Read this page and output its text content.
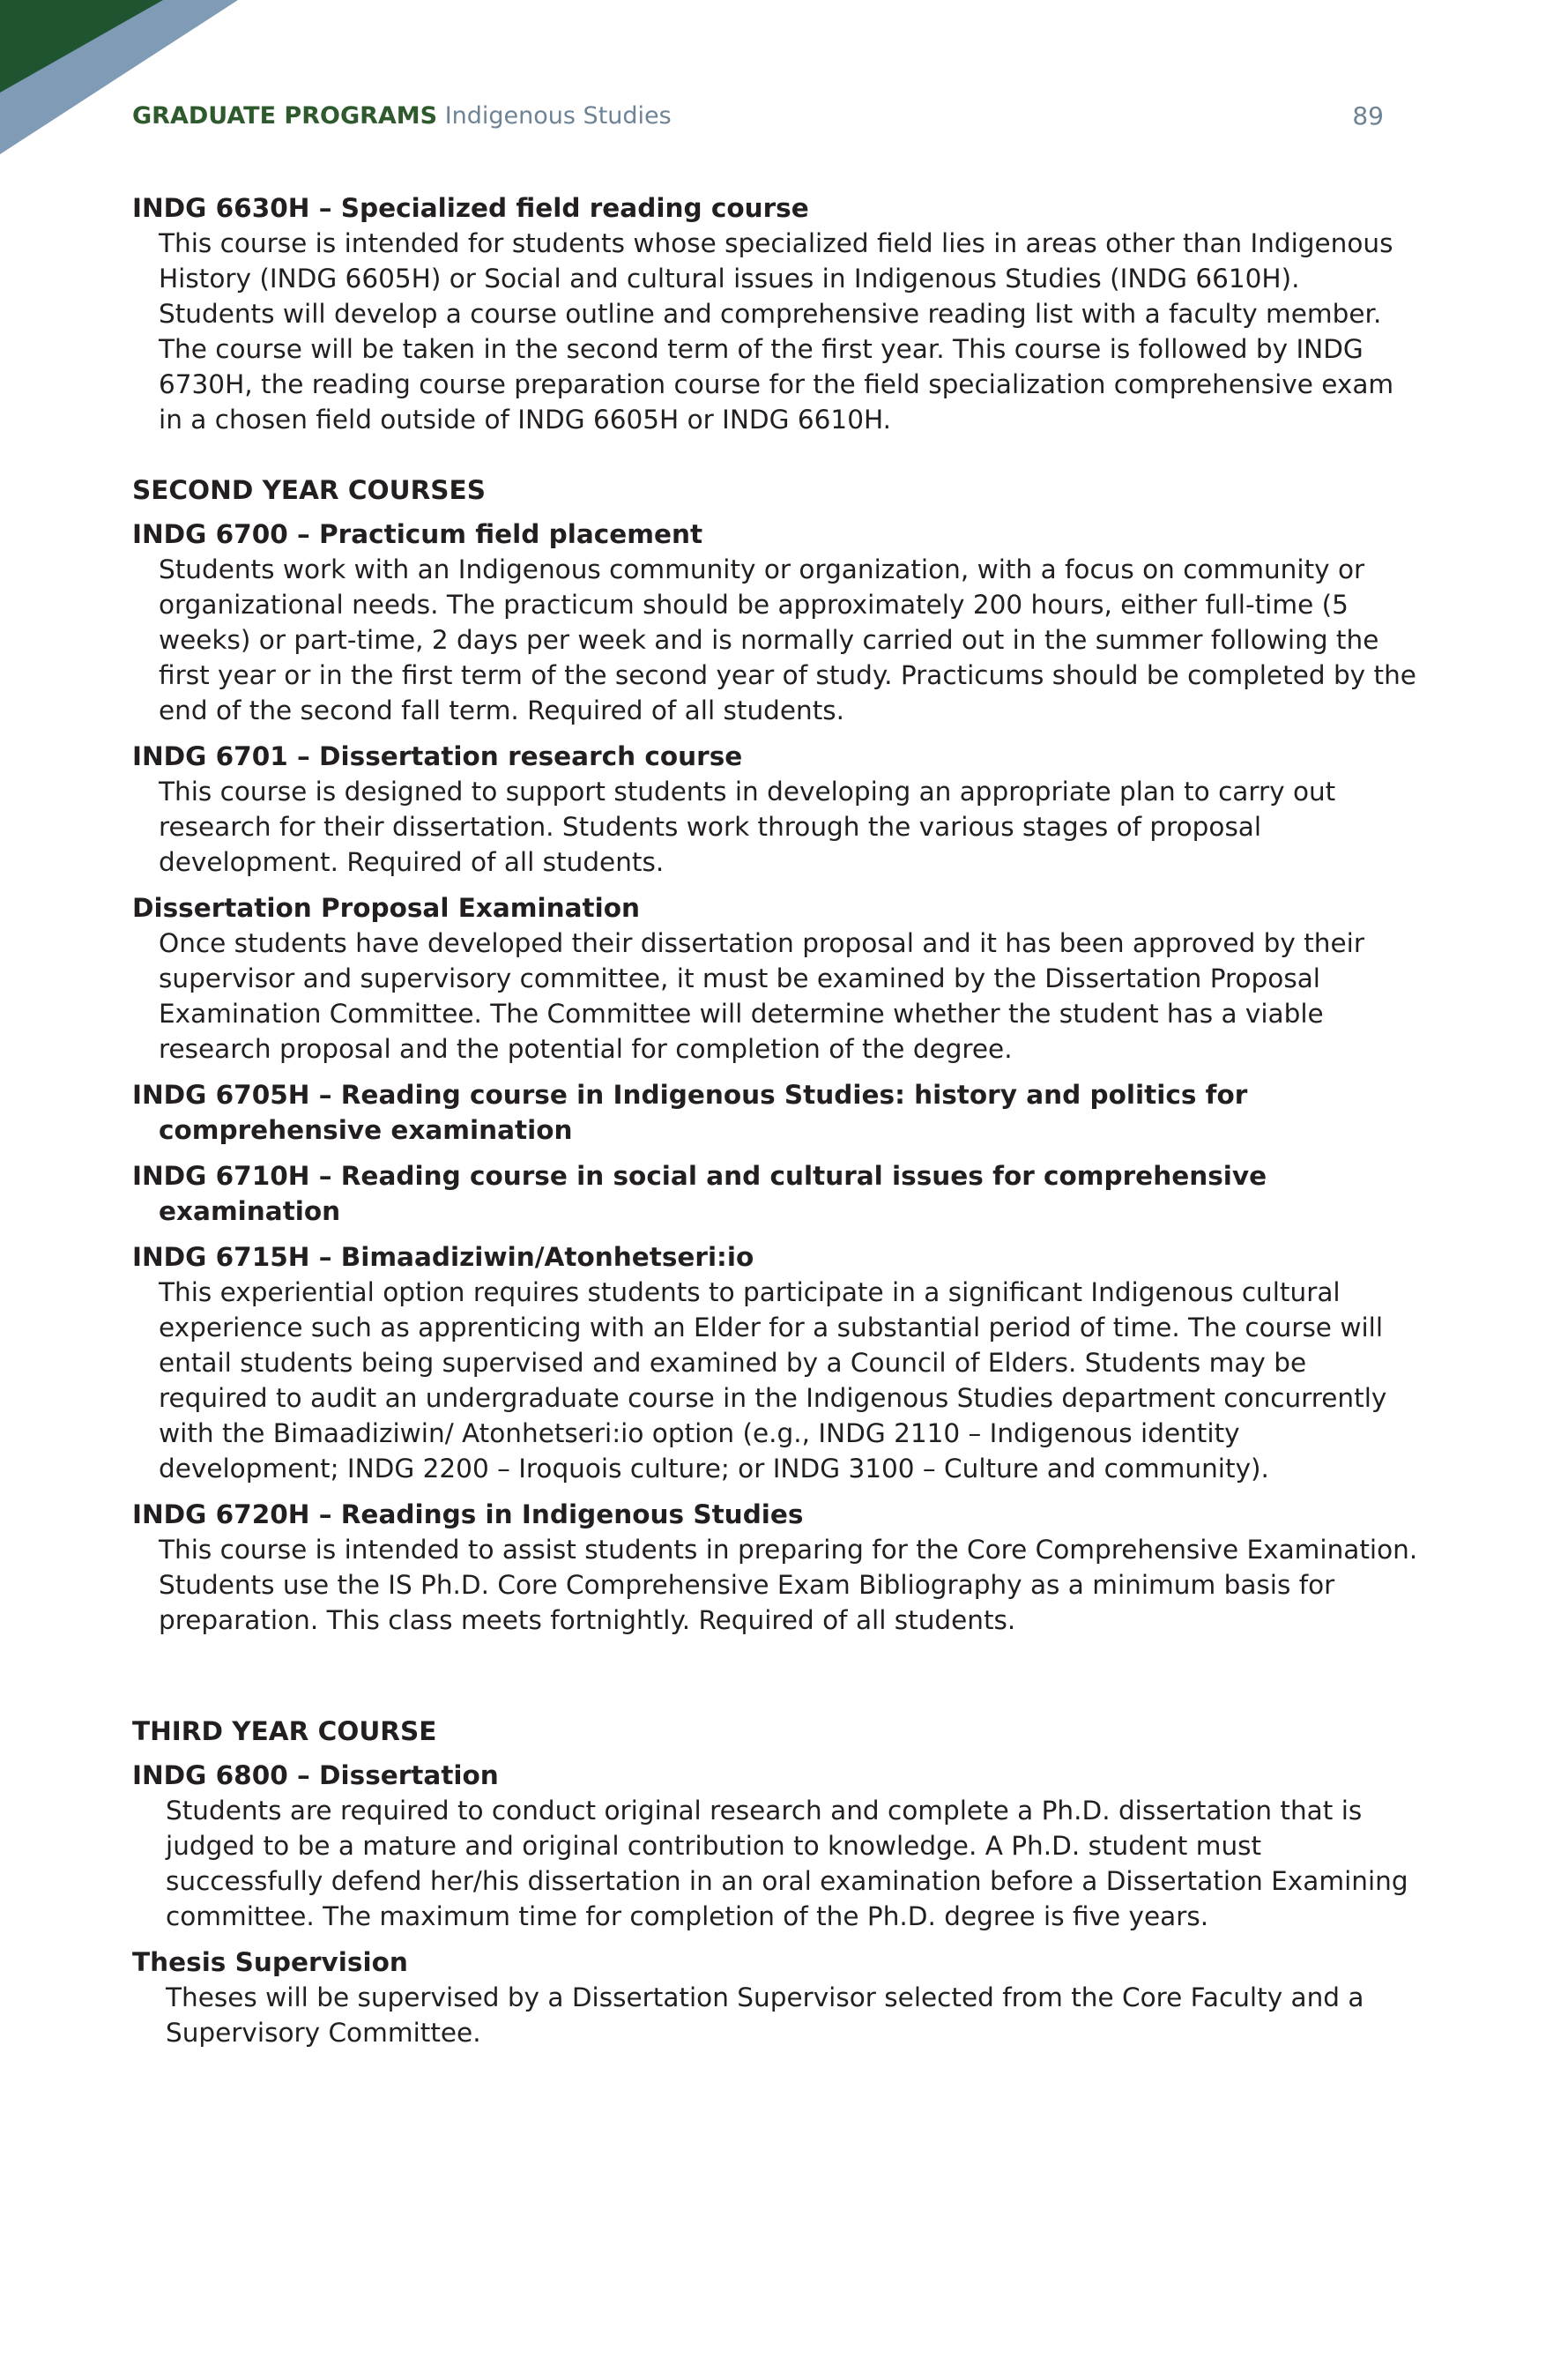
GRADUATE PROGRAMS Indigenous Studies	89
INDG 6630H – Specialized field reading course
This course is intended for students whose specialized field lies in areas other than Indigenous History (INDG 6605H) or Social and cultural issues in Indigenous Studies (INDG 6610H). Students will develop a course outline and comprehensive reading list with a faculty member. The course will be taken in the second term of the first year. This course is followed by INDG 6730H, the reading course preparation course for the field specialization comprehensive exam in a chosen field outside of INDG 6605H or INDG 6610H.
SECOND YEAR COURSES
INDG 6700 – Practicum field placement
Students work with an Indigenous community or organization, with a focus on community or organizational needs. The practicum should be approximately 200 hours, either full-time (5 weeks) or part-time, 2 days per week and is normally carried out in the summer following the first year or in the first term of the second year of study. Practicums should be completed by the end of the second fall term. Required of all students.
INDG 6701 – Dissertation research course
This course is designed to support students in developing an appropriate plan to carry out research for their dissertation. Students work through the various stages of proposal development. Required of all students.
Dissertation Proposal Examination
Once students have developed their dissertation proposal and it has been approved by their supervisor and supervisory committee, it must be examined by the Dissertation Proposal Examination Committee. The Committee will determine whether the student has a viable research proposal and the potential for completion of the degree.
INDG 6705H – Reading course in Indigenous Studies: history and politics for comprehensive examination
INDG 6710H – Reading course in social and cultural issues for comprehensive examination
INDG 6715H – Bimaadiziwin/Atonhetseri:io
This experiential option requires students to participate in a significant Indigenous cultural experience such as apprenticing with an Elder for a substantial period of time. The course will entail students being supervised and examined by a Council of Elders. Students may be required to audit an undergraduate course in the Indigenous Studies department concurrently with the Bimaadiziwin/ Atonhetseri:io option (e.g., INDG 2110 – Indigenous identity development; INDG 2200 – Iroquois culture; or INDG 3100 – Culture and community).
INDG 6720H – Readings in Indigenous Studies
This course is intended to assist students in preparing for the Core Comprehensive Examination. Students use the IS Ph.D. Core Comprehensive Exam Bibliography as a minimum basis for preparation. This class meets fortnightly. Required of all students.
THIRD YEAR COURSE
INDG 6800 – Dissertation
Students are required to conduct original research and complete a Ph.D. dissertation that is judged to be a mature and original contribution to knowledge. A Ph.D. student must successfully defend her/his dissertation in an oral examination before a Dissertation Examining committee. The maximum time for completion of the Ph.D. degree is five years.
Thesis Supervision
Theses will be supervised by a Dissertation Supervisor selected from the Core Faculty and a Supervisory Committee.
